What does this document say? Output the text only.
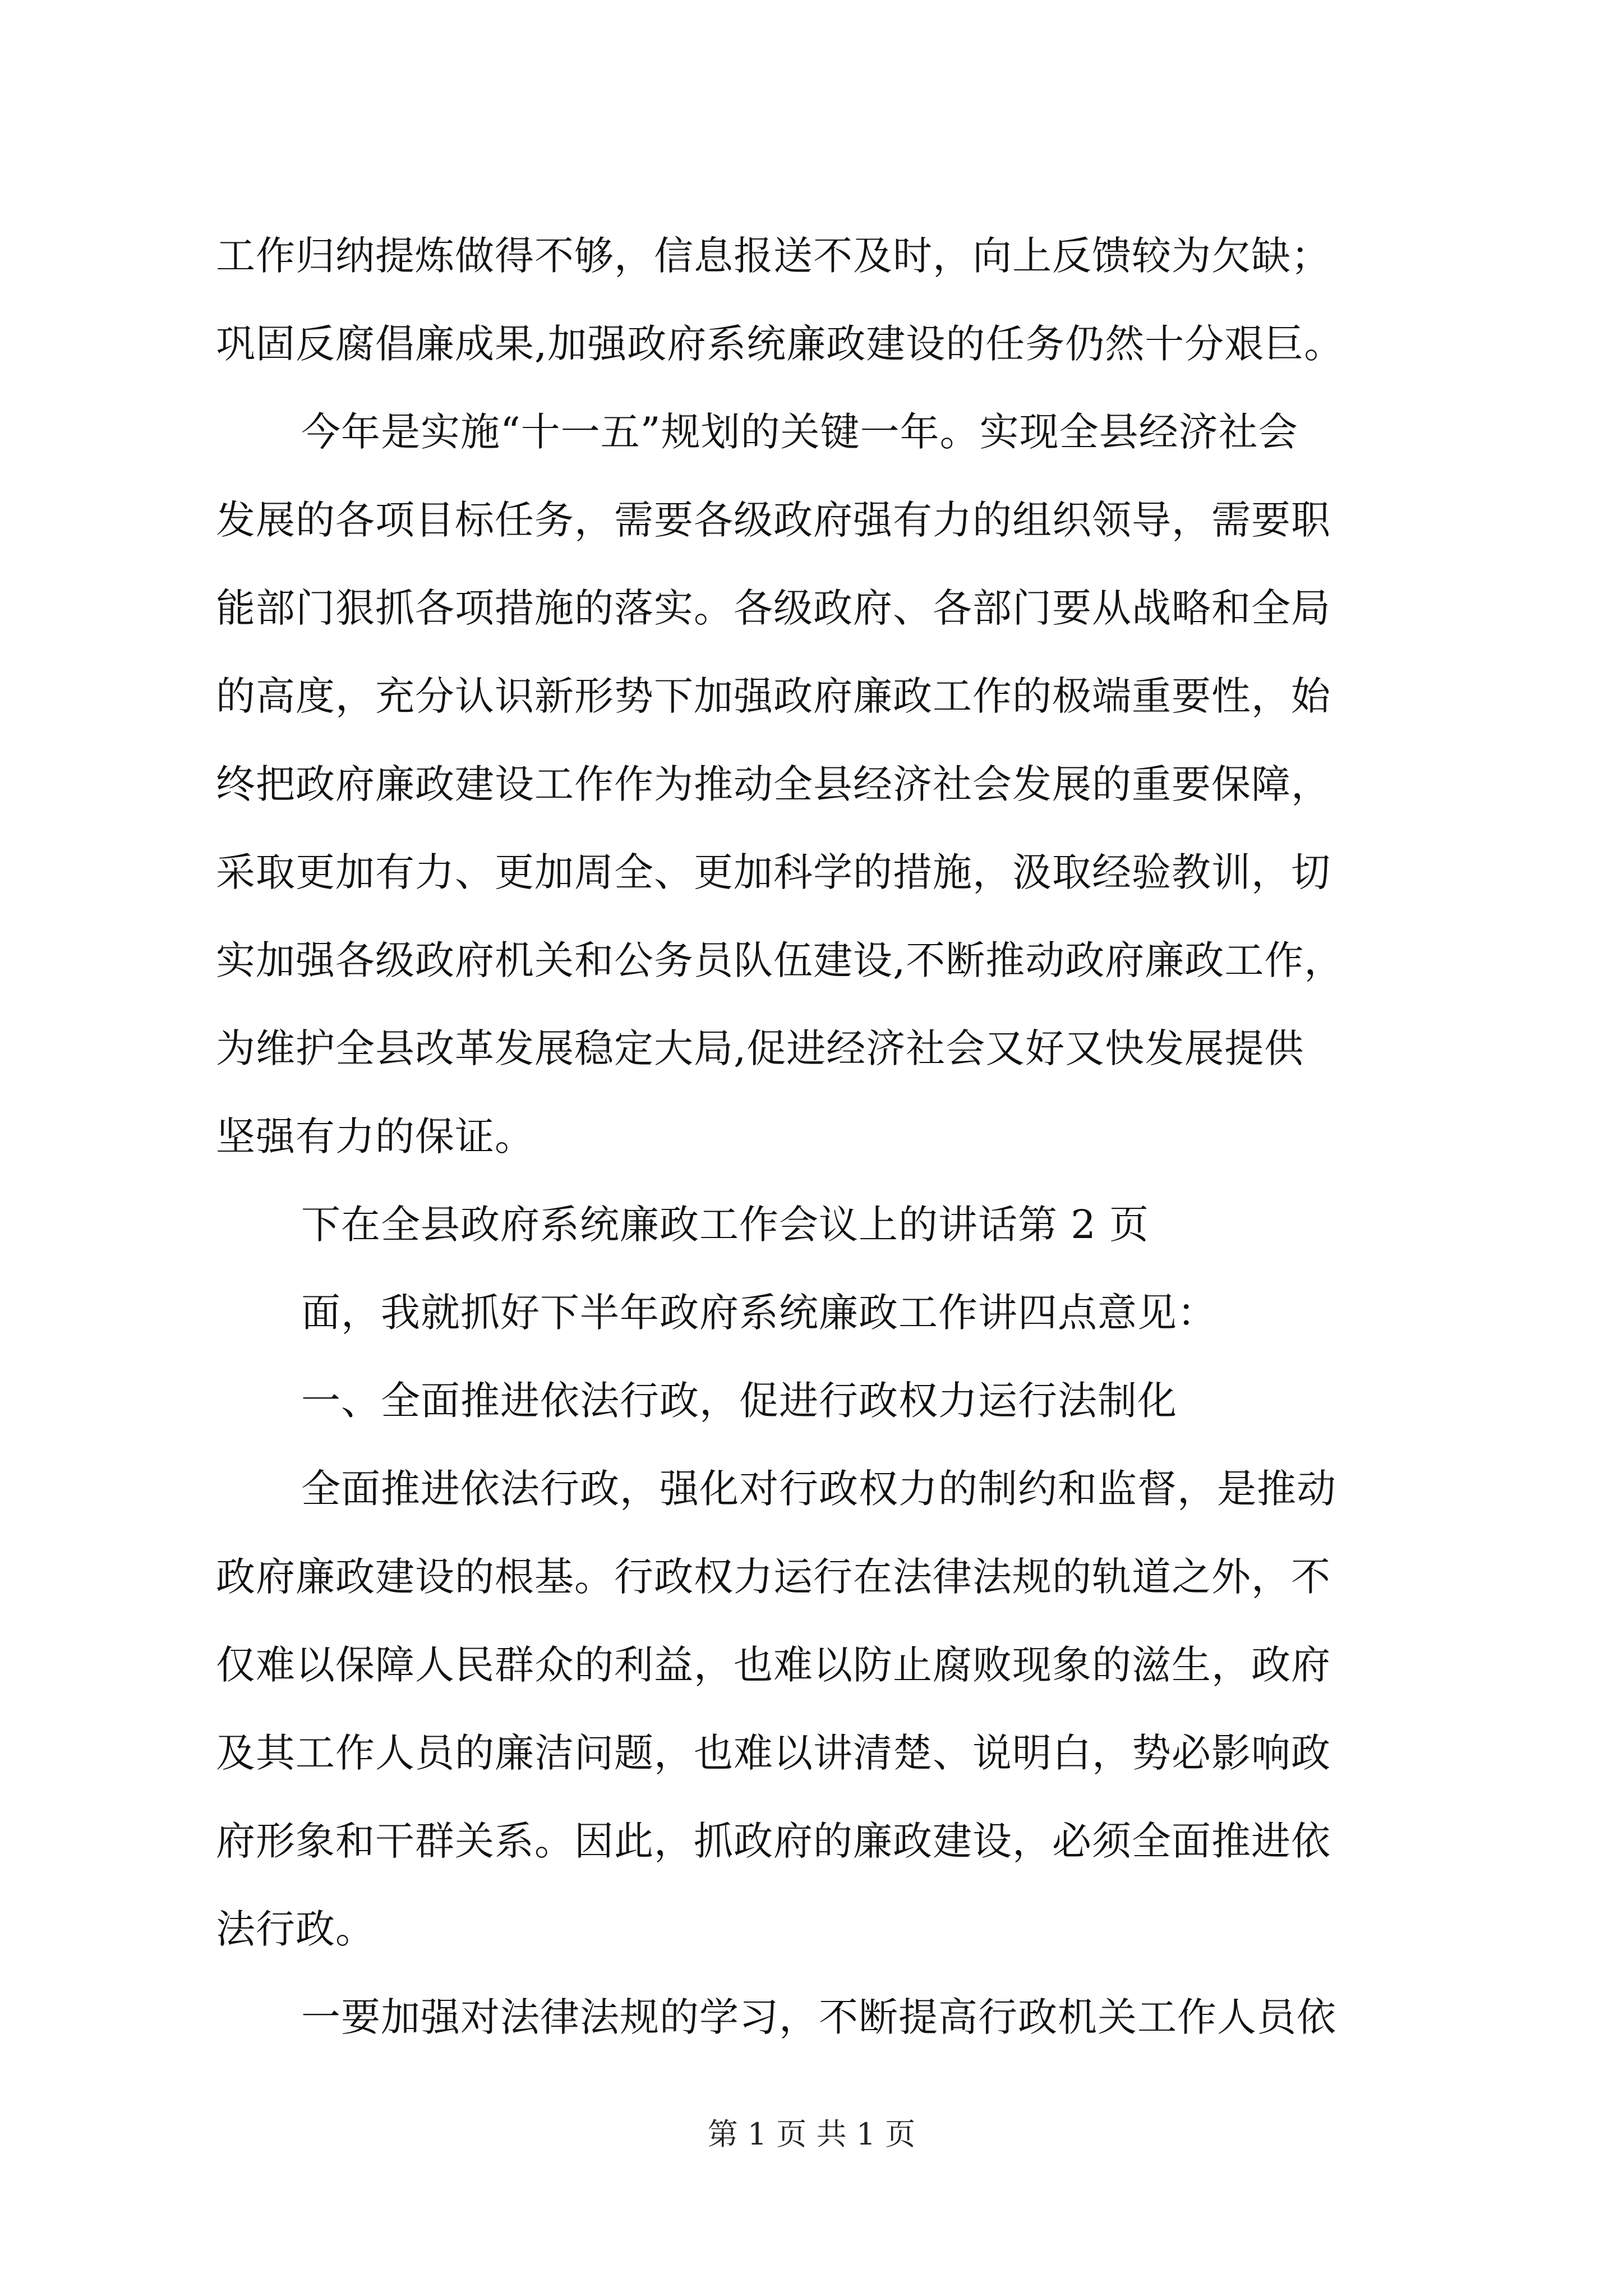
工作归纳提炼做得不够，信息报送不及时，向上反馈较为欠缺；
巩固反腐倡廉成果,加强政府系统廉政建设的任务仍然十分艰巨。
今年是实施“十一五”规划的关键一年。实现全县经济社会
发展的各项目标任务，需要各级政府强有力的组织领导，需要职
能部门狠抓各项措施的落实。各级政府、各部门要从战略和全局
的高度，充分认识新形势下加强政府廉政工作的极端重要性，始
终把政府廉政建设工作作为推动全县经济社会发展的重要保障，
采取更加有力、更加周全、更加科学的措施，汲取经验教训，切
实加强各级政府机关和公务员队伍建设,不断推动政府廉政工作，
为维护全县改革发展稳定大局,促进经济社会又好又快发展提供
坚强有力的保证。
下在全县政府系统廉政工作会议上的讲话第 2 页
面，我就抓好下半年政府系统廉政工作讲四点意见：
一、全面推进依法行政，促进行政权力运行法制化
全面推进依法行政，强化对行政权力的制约和监督，是推动
政府廉政建设的根基。行政权力运行在法律法规的轨道之外，不
仅难以保障人民群众的利益，也难以防止腐败现象的滋生，政府
及其工作人员的廉洁问题，也难以讲清楚、说明白，势必影响政
府形象和干群关系。因此，抓政府的廉政建设，必须全面推进依
法行政。
一要加强对法律法规的学习，不断提高行政机关工作人员依
第 1 页 共 1 页
